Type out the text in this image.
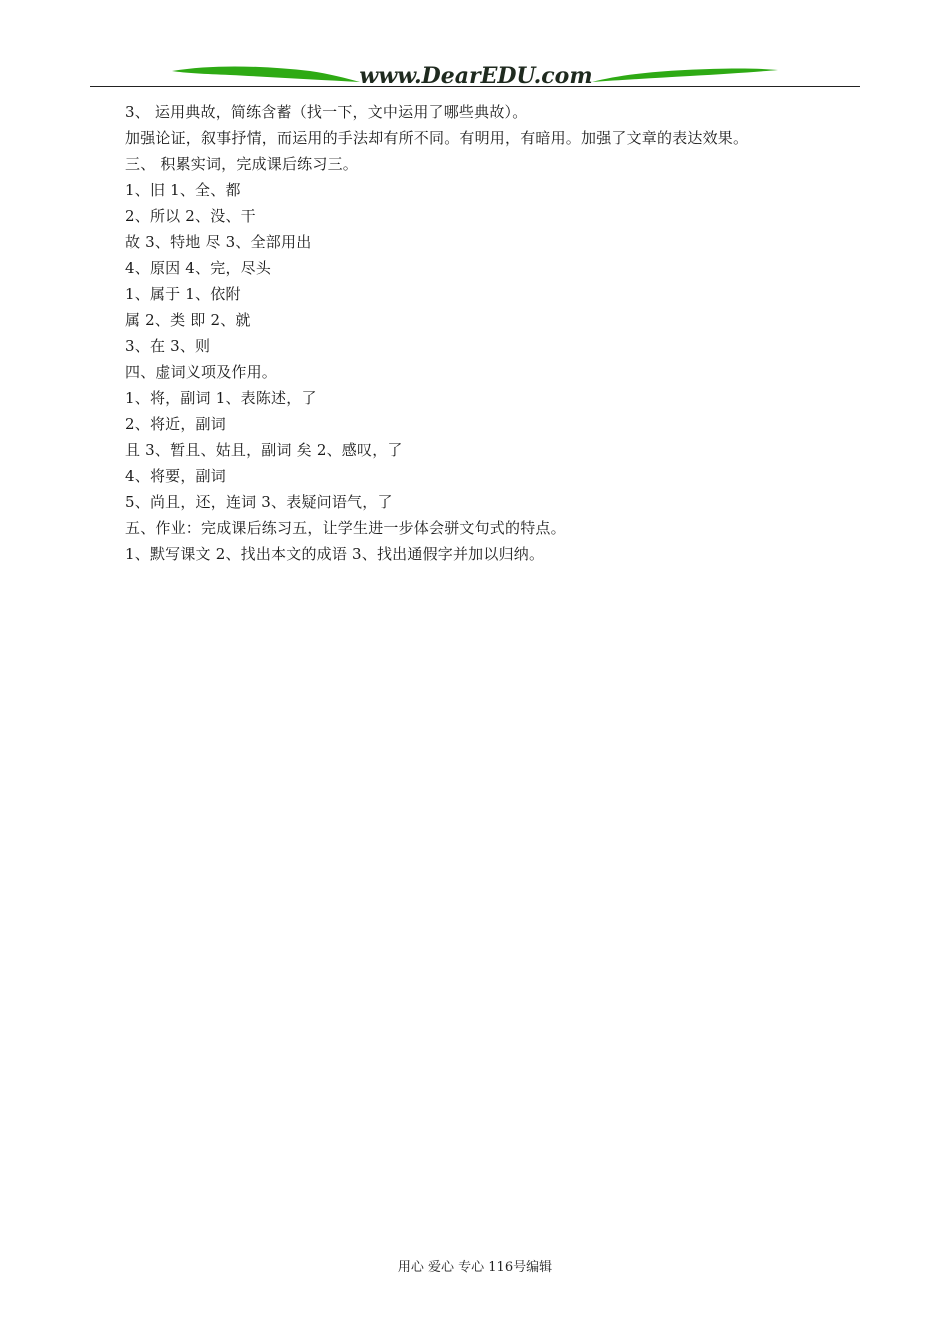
www.DearEDU.com
3、 运用典故，简练含蓄（找一下，文中运用了哪些典故）。
加强论证，叙事抒情，而运用的手法却有所不同。有明用，有暗用。加强了文章的表达效果。
三、 积累实词，完成课后练习三。
1、旧 1、全、都
2、所以 2、没、干
故 3、特地 尽 3、全部用出
4、原因 4、完，尽头
1、属于 1、依附
属 2、类 即 2、就
3、在 3、则
四、虚词义项及作用。
1、将，副词 1、表陈述，了
2、将近，副词
且 3、暂且、姑且，副词 矣 2、感叹，了
4、将要，副词
5、尚且，还，连词 3、表疑问语气，了
五、作业：完成课后练习五，让学生进一步体会骈文句式的特点。
1、默写课文 2、找出本文的成语 3、找出通假字并加以归纳。
用心 爱心 专心 116号编辑
